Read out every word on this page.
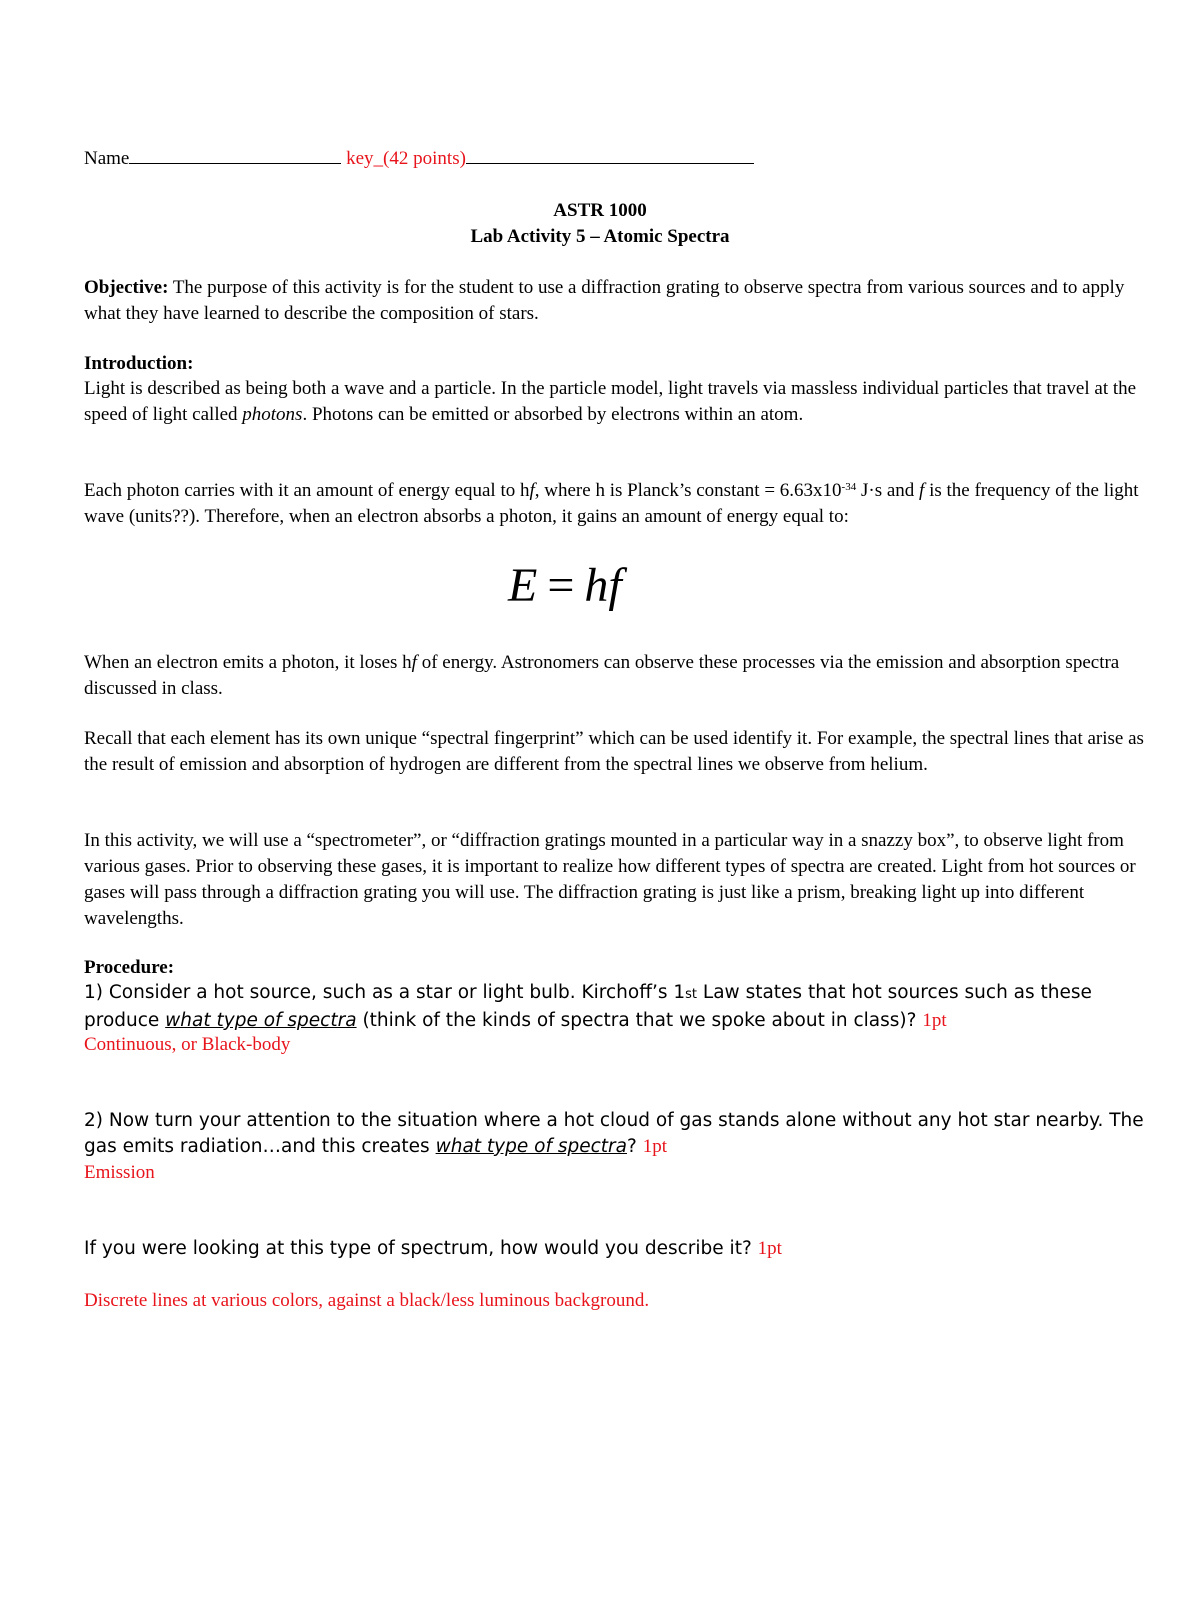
Name	key_(42 points)
ASTR 1000
Lab Activity 5 – Atomic Spectra
Objective: The purpose of this activity is for the student to use a diffraction grating to observe spectra from various sources and to apply what they have learned to describe the composition of stars.
Introduction:
Light is described as being both a wave and a particle. In the particle model, light travels via massless individual particles that travel at the speed of light called photons. Photons can be emitted or absorbed by electrons within an atom.
Each photon carries with it an amount of energy equal to hf, where h is Planck’s constant = $6.63x10^{-34}$ J·s and f is the frequency of the light wave (units??). Therefore, when an electron absorbs a photon, it gains an amount of energy equal to:
E = hf
When an electron emits a photon, it loses hf of energy. Astronomers can observe these processes via the emission and absorption spectra discussed in class.
Recall that each element has its own unique “spectral fingerprint” which can be used identify it. For example, the spectral lines that arise as the result of emission and absorption of hydrogen are different from the spectral lines we observe from helium.
In this activity, we will use a “spectrometer”, or “diffraction gratings mounted in a particular way in a snazzy box”, to observe light from various gases. Prior to observing these gases, it is important to realize how different types of spectra are created. Light from hot sources or gases will pass through a diffraction grating you will use. The diffraction grating is just like a prism, breaking light up into different wavelengths.
Procedure:
1) Consider a hot source, such as a star or light bulb. Kirchoff’s 1st Law states that hot sources such as these produce what type of spectra (think of the kinds of spectra that we spoke about in class)? 1pt
Continuous, or Black-body
2) Now turn your attention to the situation where a hot cloud of gas stands alone without any hot star nearby. The gas emits radiation…and this creates what type of spectra? 1pt
Emission
If you were looking at this type of spectrum, how would you describe it? 1pt
Discrete lines at various colors, against a black/less luminous background.
